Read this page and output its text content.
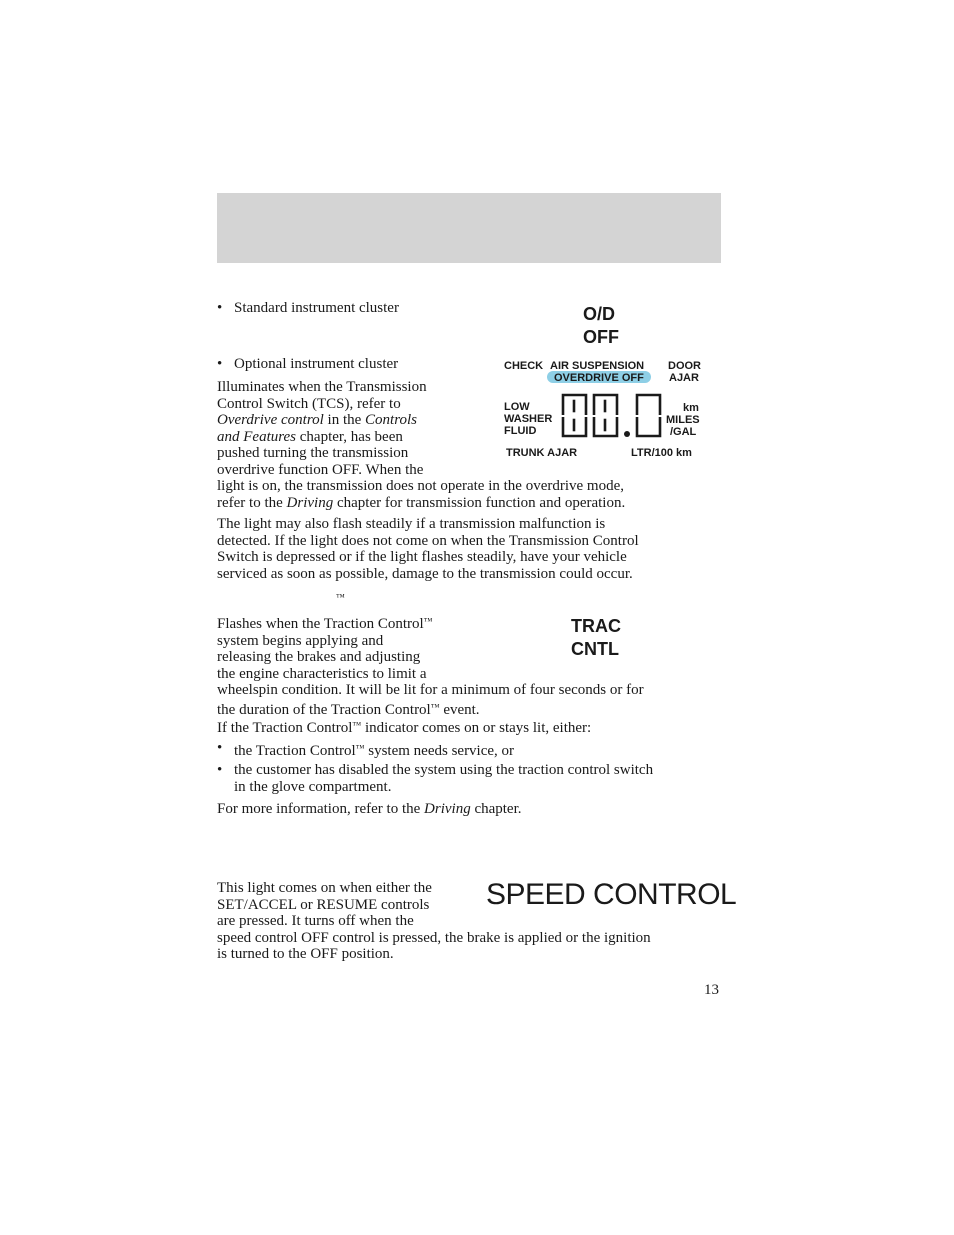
• Standard instrument cluster	O/D
OFF
• Optional instrument cluster	CHECK AIR SUSPENSION
OVERDRIVE OFF
DOOR
AJAR
LOW
WASHER
FLUID
km
MILES
/GAL
TRUNK AJAR	LTR/100 km
Illuminates when the Transmission
Control Switch (TCS), refer to
Overdrive control in the Controls
and Features chapter, has been
pushed turning the transmission
overdrive function OFF. When the
light is on, the transmission does not operate in the overdrive mode,
refer to the Driving chapter for transmission function and operation.
The light may also flash steadily if a transmission malfunction is
detected. If the light does not come on when the Transmission Control
Switch is depressed or if the light flashes steadily, have your vehicle
serviced as soon as possible, damage to the transmission could occur.
™
TRAC
CNTL
Flashes when the Traction Control™
system begins applying and
releasing the brakes and adjusting
the engine characteristics to limit a
wheelspin condition. It will be lit for a minimum of four seconds or for
the duration of the Traction Control™ event.
If the Traction Control™ indicator comes on or stays lit, either:
• the Traction Control™ system needs service, or
• the customer has disabled the system using the traction control switch
in the glove compartment.
For more information, refer to the Driving chapter.
SPEED CONTROL
This light comes on when either the
SET/ACCEL or RESUME controls
are pressed. It turns off when the
speed control OFF control is pressed, the brake is applied or the ignition
is turned to the OFF position.
13
